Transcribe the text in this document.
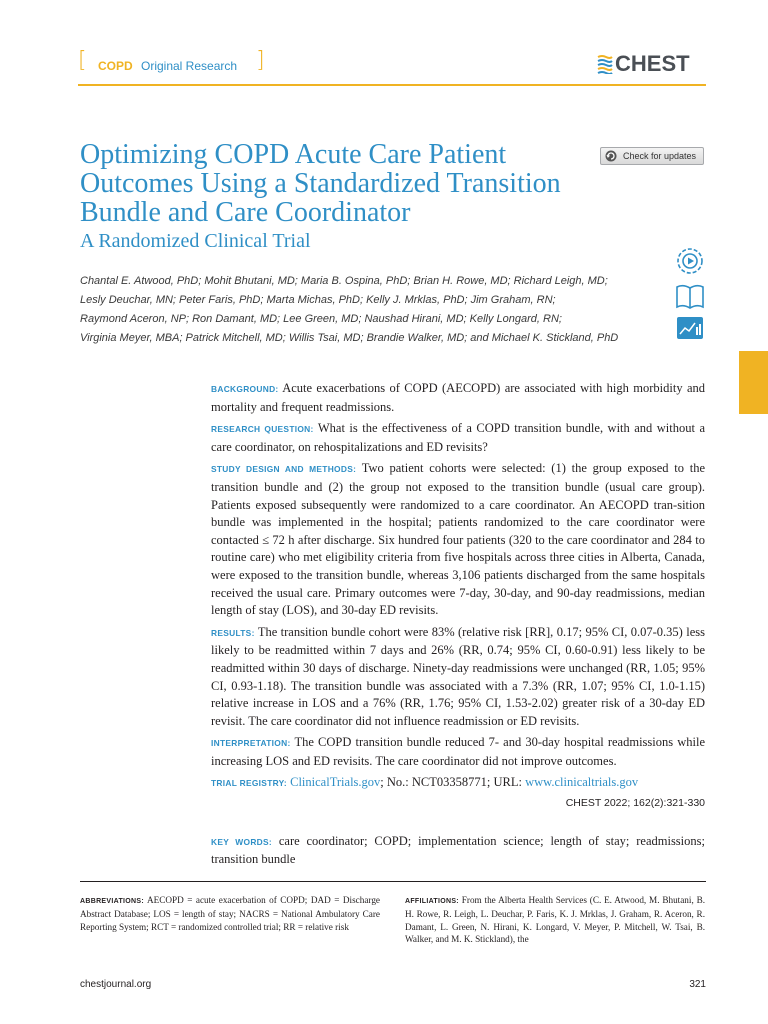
[ COPD Original Research ]	CHEST
Optimizing COPD Acute Care Patient Outcomes Using a Standardized Transition Bundle and Care Coordinator
A Randomized Clinical Trial
Check for updates
Chantal E. Atwood, PhD; Mohit Bhutani, MD; Maria B. Ospina, PhD; Brian H. Rowe, MD; Richard Leigh, MD;
Lesly Deuchar, MN; Peter Faris, PhD; Marta Michas, PhD; Kelly J. Mrklas, PhD; Jim Graham, RN;
Raymond Aceron, NP; Ron Damant, MD; Lee Green, MD; Naushad Hirani, MD; Kelly Longard, RN;
Virginia Meyer, MBA; Patrick Mitchell, MD; Willis Tsai, MD; Brandie Walker, MD; and Michael K. Stickland, PhD

BACKGROUND: Acute exacerbations of COPD (AECOPD) are associated with high morbidity and mortality and frequent readmissions.

RESEARCH QUESTION: What is the effectiveness of a COPD transition bundle, with and without a care coordinator, on rehospitalizations and ED revisits?

STUDY DESIGN AND METHODS: Two patient cohorts were selected: (1) the group exposed to the transition bundle and (2) the group not exposed to the transition bundle (usual care group). Patients exposed subsequently were randomized to a care coordinator. An AECOPD tran-sition bundle was implemented in the hospital; patients randomized to the care coordinator were contacted ≤ 72 h after discharge. Six hundred four patients (320 to the care coordinator and 284 to routine care) who met eligibility criteria from five hospitals across three cities in Alberta, Canada, were exposed to the transition bundle, whereas 3,106 patients discharged from the same hospitals received the usual care. Primary outcomes were 7-day, 30-day, and 90-day readmissions, median length of stay (LOS), and 30-day ED revisits.

RESULTS: The transition bundle cohort were 83% (relative risk [RR], 0.17; 95% CI, 0.07-0.35) less likely to be readmitted within 7 days and 26% (RR, 0.74; 95% CI, 0.60-0.91) less likely to be readmitted within 30 days of discharge. Ninety-day readmissions were unchanged (RR, 1.05; 95% CI, 0.93-1.18). The transition bundle was associated with a 7.3% (RR, 1.07; 95% CI, 1.0-1.15) relative increase in LOS and a 76% (RR, 1.76; 95% CI, 1.53-2.02) greater risk of a 30-day ED revisit. The care coordinator did not influence readmission or ED revisits.

INTERPRETATION: The COPD transition bundle reduced 7- and 30-day hospital readmissions while increasing LOS and ED revisits. The care coordinator did not improve outcomes.

TRIAL REGISTRY: ClinicalTrials.gov; No.: NCT03358771; URL: www.clinicaltrials.gov

CHEST 2022; 162(2):321-330

KEY WORDS: care coordinator; COPD; implementation science; length of stay; readmissions; transition bundle

ABBREVIATIONS: AECOPD = acute exacerbation of COPD; DAD = Discharge Abstract Database; LOS = length of stay; NACRS = National Ambulatory Care Reporting System; RCT = randomized controlled trial; RR = relative risk
AFFILIATIONS: From the Alberta Health Services (C. E. Atwood, M. Bhutani, B. H. Rowe, R. Leigh, L. Deuchar, P. Faris, K. J. Mrklas, J. Graham, R. Aceron, R. Damant, L. Green, N. Hirani, K. Longard, V. Meyer, P. Mitchell, W. Tsai, B. Walker, and M. K. Stickland), the
chestjournal.org	321
